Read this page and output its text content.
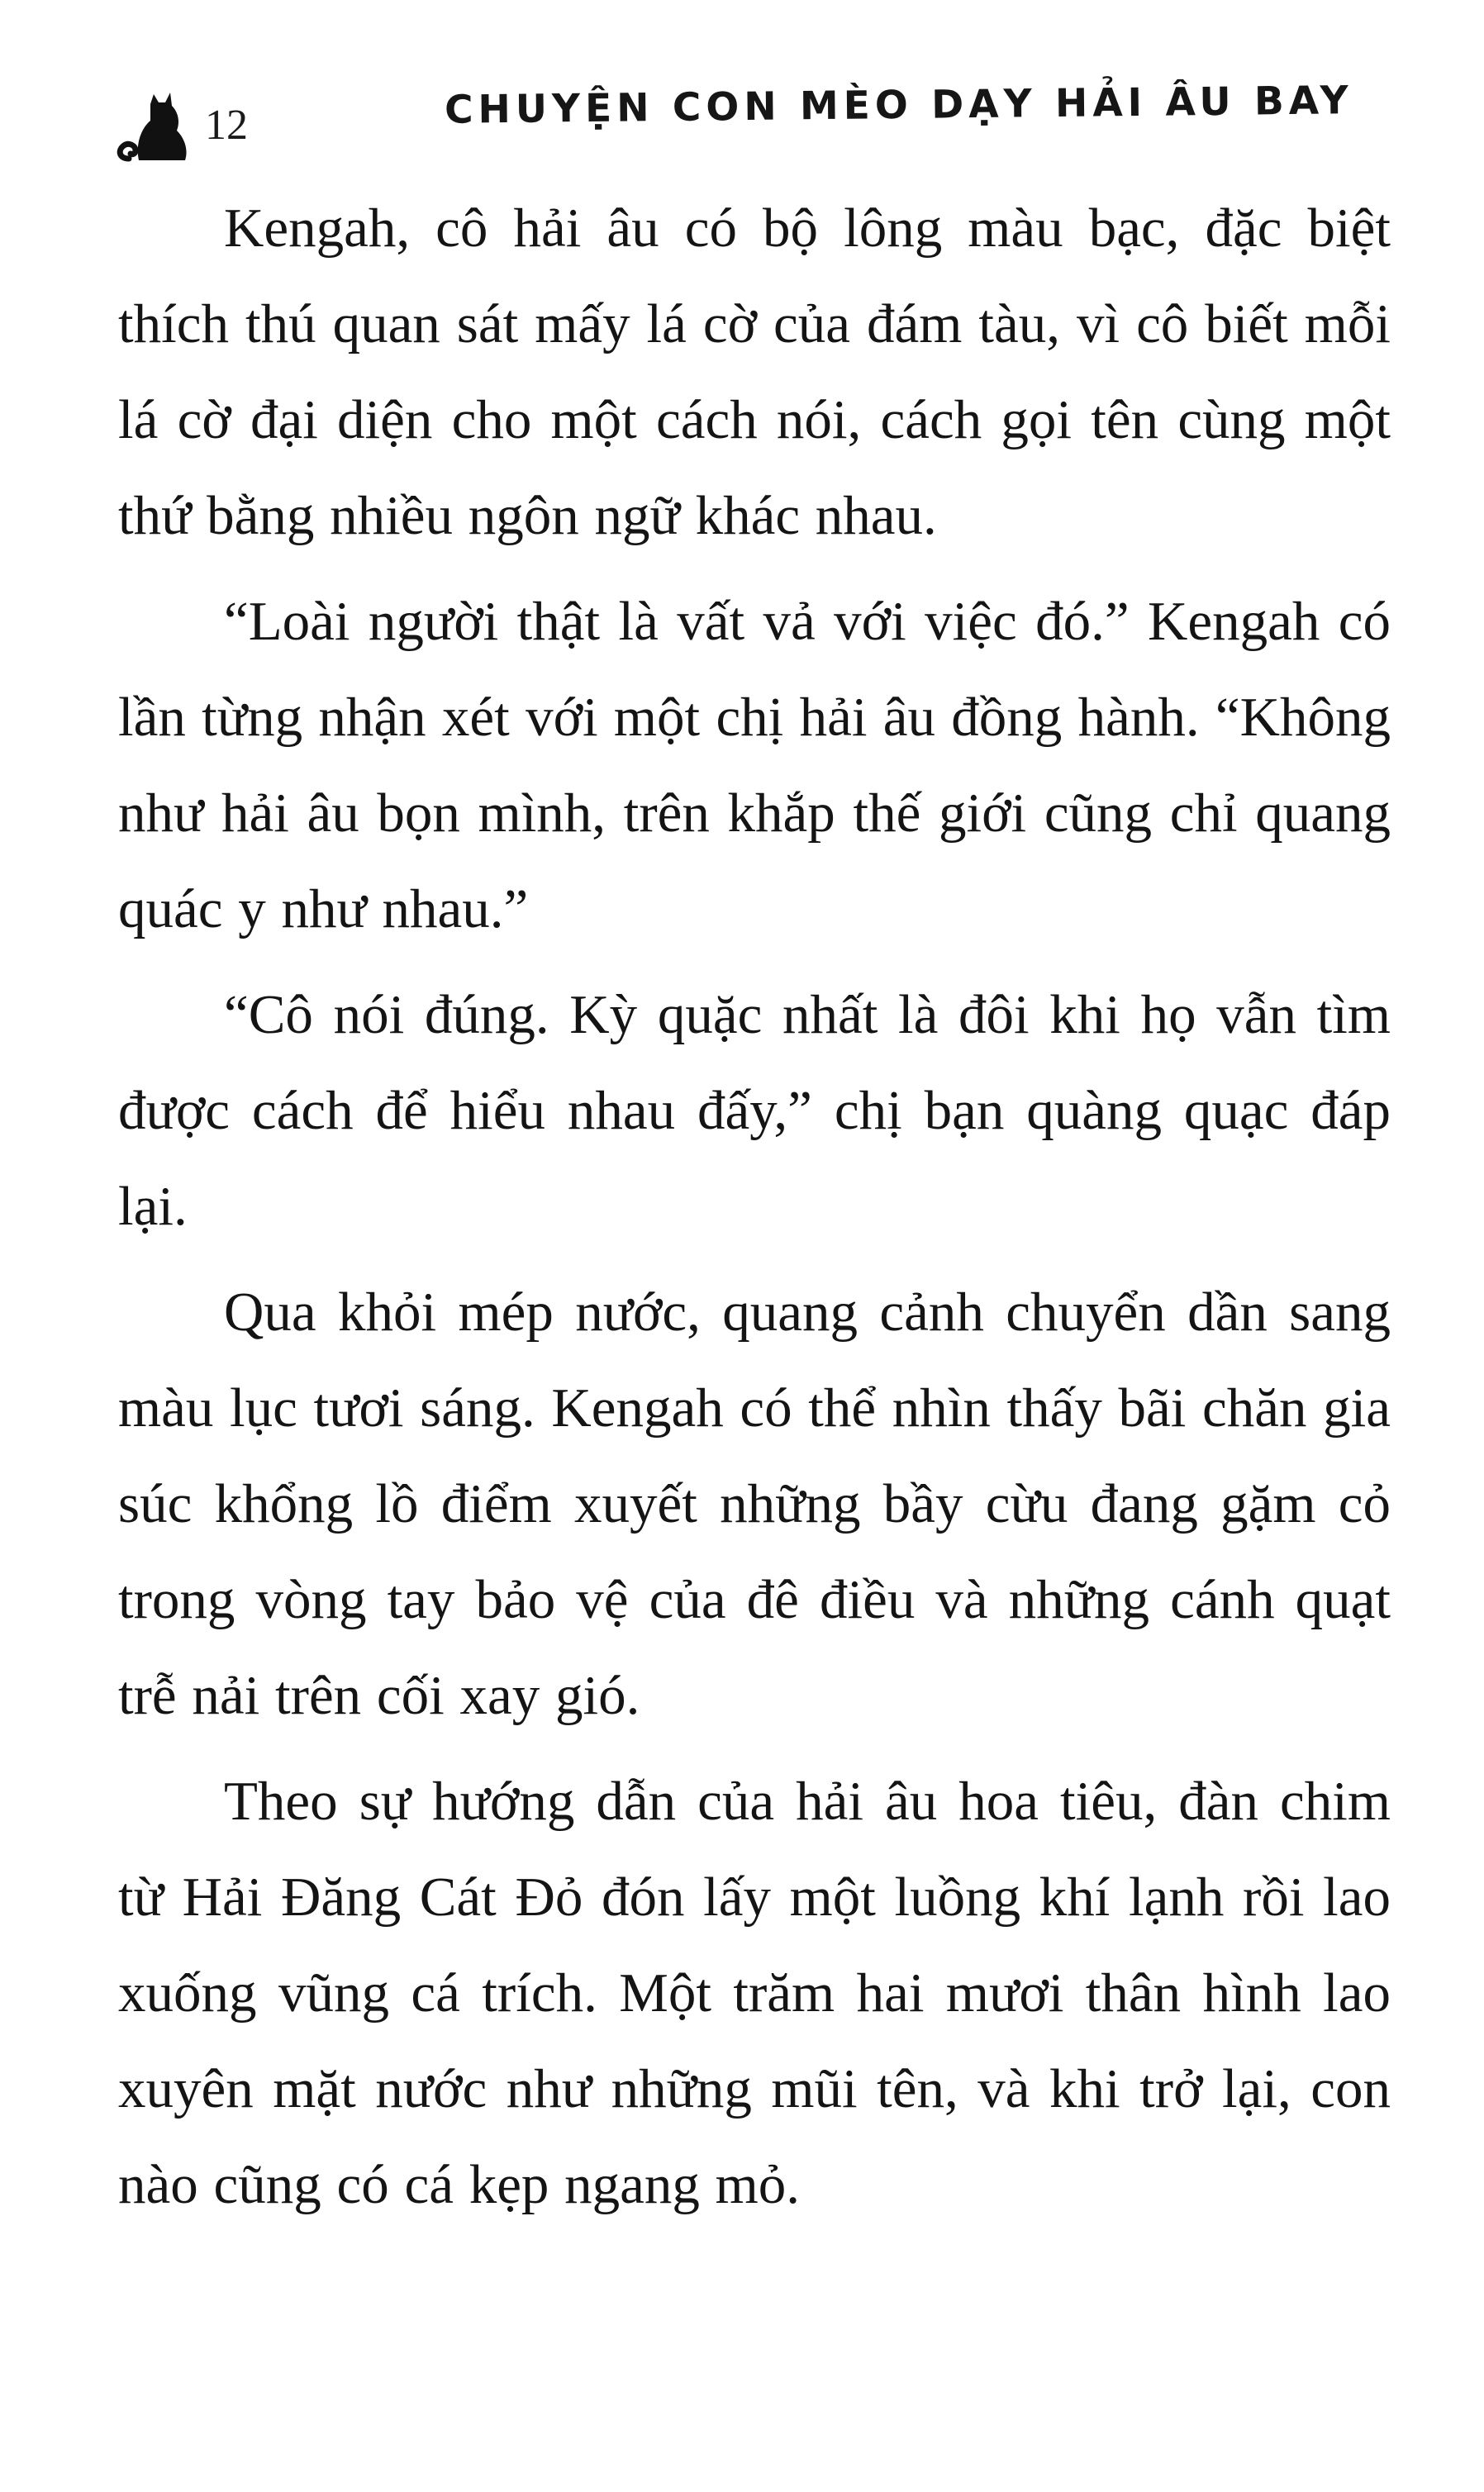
12	CHUYỆN CON MÈO DẠY HẢI ÂU BAY

Kengah, cô hải âu có bộ lông màu bạc, đặc biệt thích thú quan sát mấy lá cờ của đám tàu, vì cô biết mỗi lá cờ đại diện cho một cách nói, cách gọi tên cùng một thứ bằng nhiều ngôn ngữ khác nhau.

“Loài người thật là vất vả với việc đó.” Kengah có lần từng nhận xét với một chị hải âu đồng hành. “Không như hải âu bọn mình, trên khắp thế giới cũng chỉ quang quác y như nhau.”

“Cô nói đúng. Kỳ quặc nhất là đôi khi họ vẫn tìm được cách để hiểu nhau đấy,” chị bạn quàng quạc đáp lại.

Qua khỏi mép nước, quang cảnh chuyển dần sang màu lục tươi sáng. Kengah có thể nhìn thấy bãi chăn gia súc khổng lồ điểm xuyết những bầy cừu đang gặm cỏ trong vòng tay bảo vệ của đê điều và những cánh quạt trễ nải trên cối xay gió.

Theo sự hướng dẫn của hải âu hoa tiêu, đàn chim từ Hải Đăng Cát Đỏ đón lấy một luồng khí lạnh rồi lao xuống vũng cá trích. Một trăm hai mươi thân hình lao xuyên mặt nước như những mũi tên, và khi trở lại, con nào cũng có cá kẹp ngang mỏ.
